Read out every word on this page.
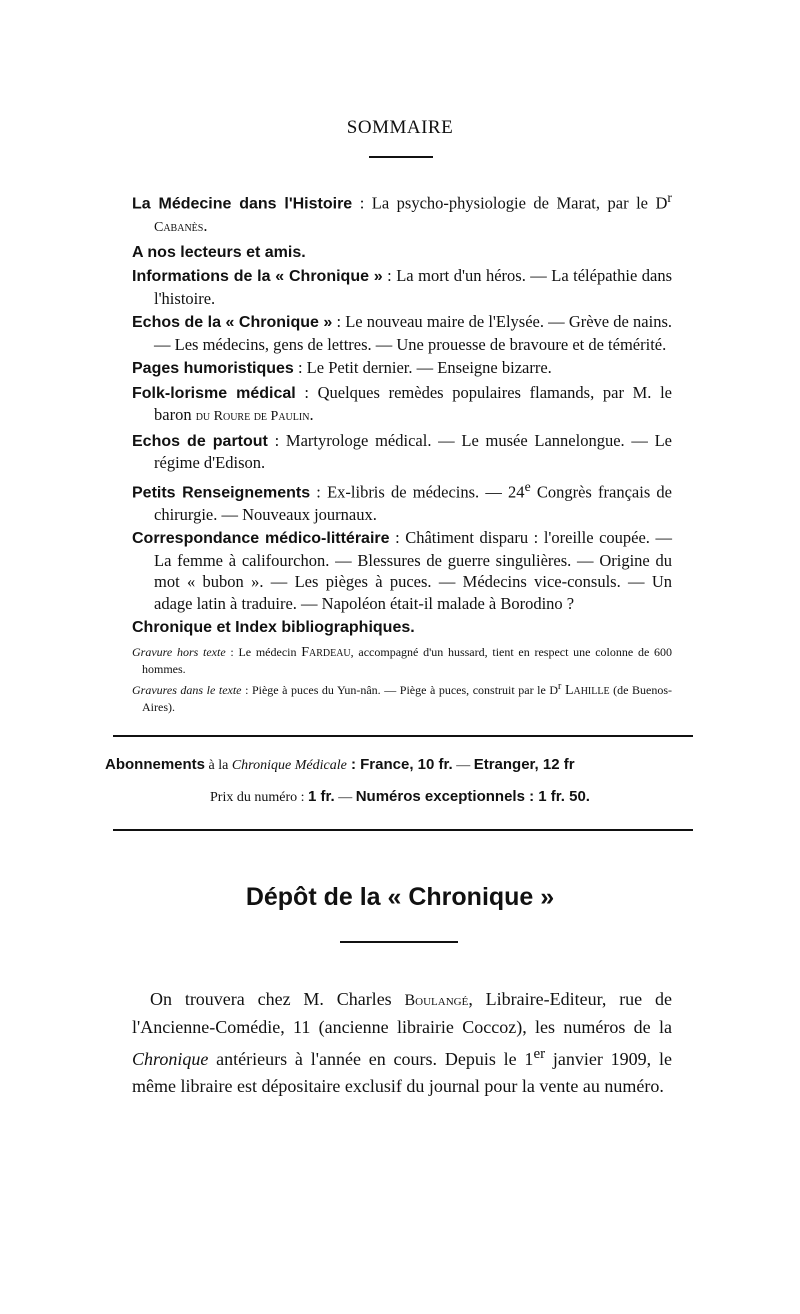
SOMMAIRE

La Médecine dans l'Histoire : La psycho-physiologie de Marat, par le $D^r$ Cabanès.

A nos lecteurs et amis.

Informations de la « Chronique » : La mort d'un héros. — La télépathie dans l'histoire.

Echos de la « Chronique » : Le nouveau maire de l'Elysée. — Grève de nains. — Les médecins, gens de lettres. — Une prouesse de bravoure et de témérité.

Pages humoristiques : Le Petit dernier. — Enseigne bizarre.

Folk-lorisme médical : Quelques remèdes populaires flamands, par M. le baron du Roure de Paulin.

Echos de partout : Martyrologe médical. — Le musée Lannelongue. — Le régime d'Edison.

Petits Renseignements : Ex-libris de médecins. — 24e Congrès français de chirurgie. — Nouveaux journaux.

Correspondance médico-littéraire : Châtiment disparu : l'oreille coupée. — La femme à califourchon. — Blessures de guerre singulières. — Origine du mot « bubon ». — Les pièges à puces. — Médecins vice-consuls. — Un adage latin à traduire. — Napoléon était-il malade à Borodino ?

Chronique et Index bibliographiques.

Gravure hors texte : Le médecin Fardeau, accompagné d'un hussard, tient en respect une colonne de 600 hommes.

Gravures dans le texte : Piège à puces du Yun-nân. — Piège à puces, construit par le $D^r$ Lahille (de Buenos-Aires).

Abonnements à la Chronique Médicale : France, 10 fr. — Etranger, 12 fr
Prix du numéro : 1 fr. — Numéros exceptionnels : 1 fr. 50.
Dépôt de la « Chronique »
On trouvera chez M. Charles Boulangé, Libraire-Editeur, rue de l'Ancienne-Comédie, 11 (ancienne librairie Coccoz), les numéros de la Chronique antérieurs à l'année en cours. Depuis le 1er janvier 1909, le même libraire est dépositaire exclusif du journal pour la vente au numéro.
